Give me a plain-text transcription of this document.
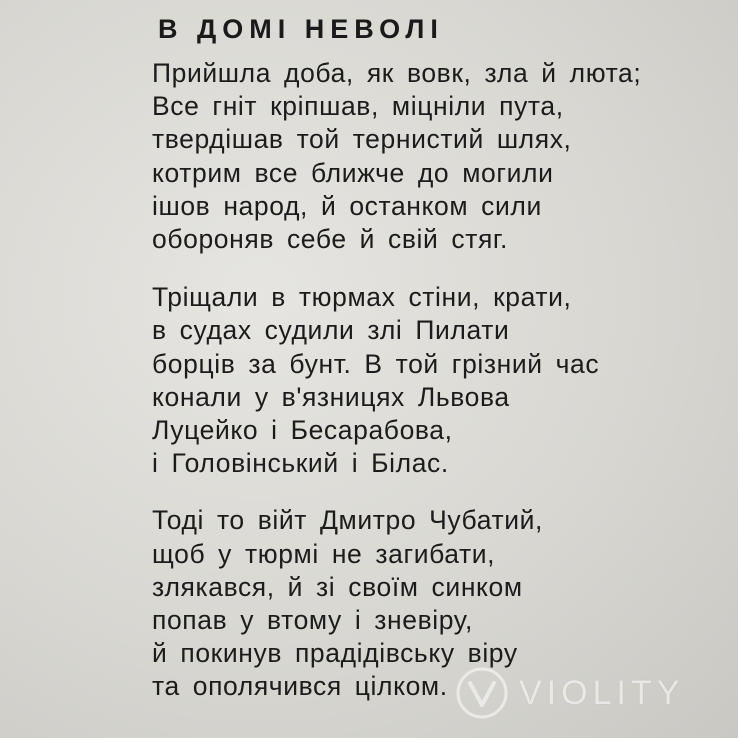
В ДОМІ НЕВОЛІ

Прийшла доба, як вовк, зла й люта;
Все гніт кріпшав, міцніли пута,
твердішав той тернистий шлях,
котрим все ближче до могили
ішов народ, й останком сили
обороняв себе й свій стяг.

Тріщали в тюрмах стіни, крати,
в судах судили злі Пилати
борців за бунт. В той грізний час
конали у в'язницях Львова
Луцейко і Бесарабова,
і Головінський і Білас.

Тоді то війт Дмитро Чубатий,
щоб у тюрмі не загибати,
злякався, й зі своїм синком
попав у втому і зневіру,
й покинув прадідівську віру
та ополячився цілком.	VIOLITY
